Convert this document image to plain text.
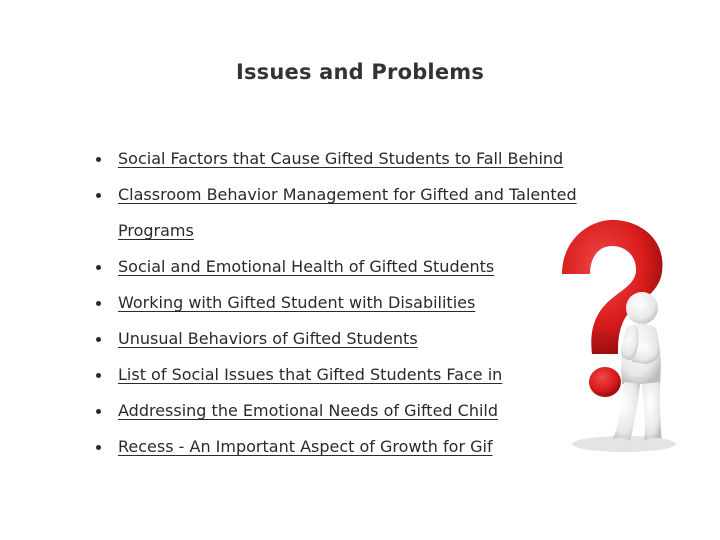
Issues and Problems
Social Factors that Cause Gifted Students to Fall Behind
Classroom Behavior Management for Gifted and Talented
Programs
Social and Emotional Health of Gifted Students
Working with Gifted Student with Disabilities
Unusual Behaviors of Gifted Students
List of Social Issues that Gifted Students Face in
Addressing the Emotional Needs of Gifted Child
Recess - An Important Aspect of Growth for Gif
